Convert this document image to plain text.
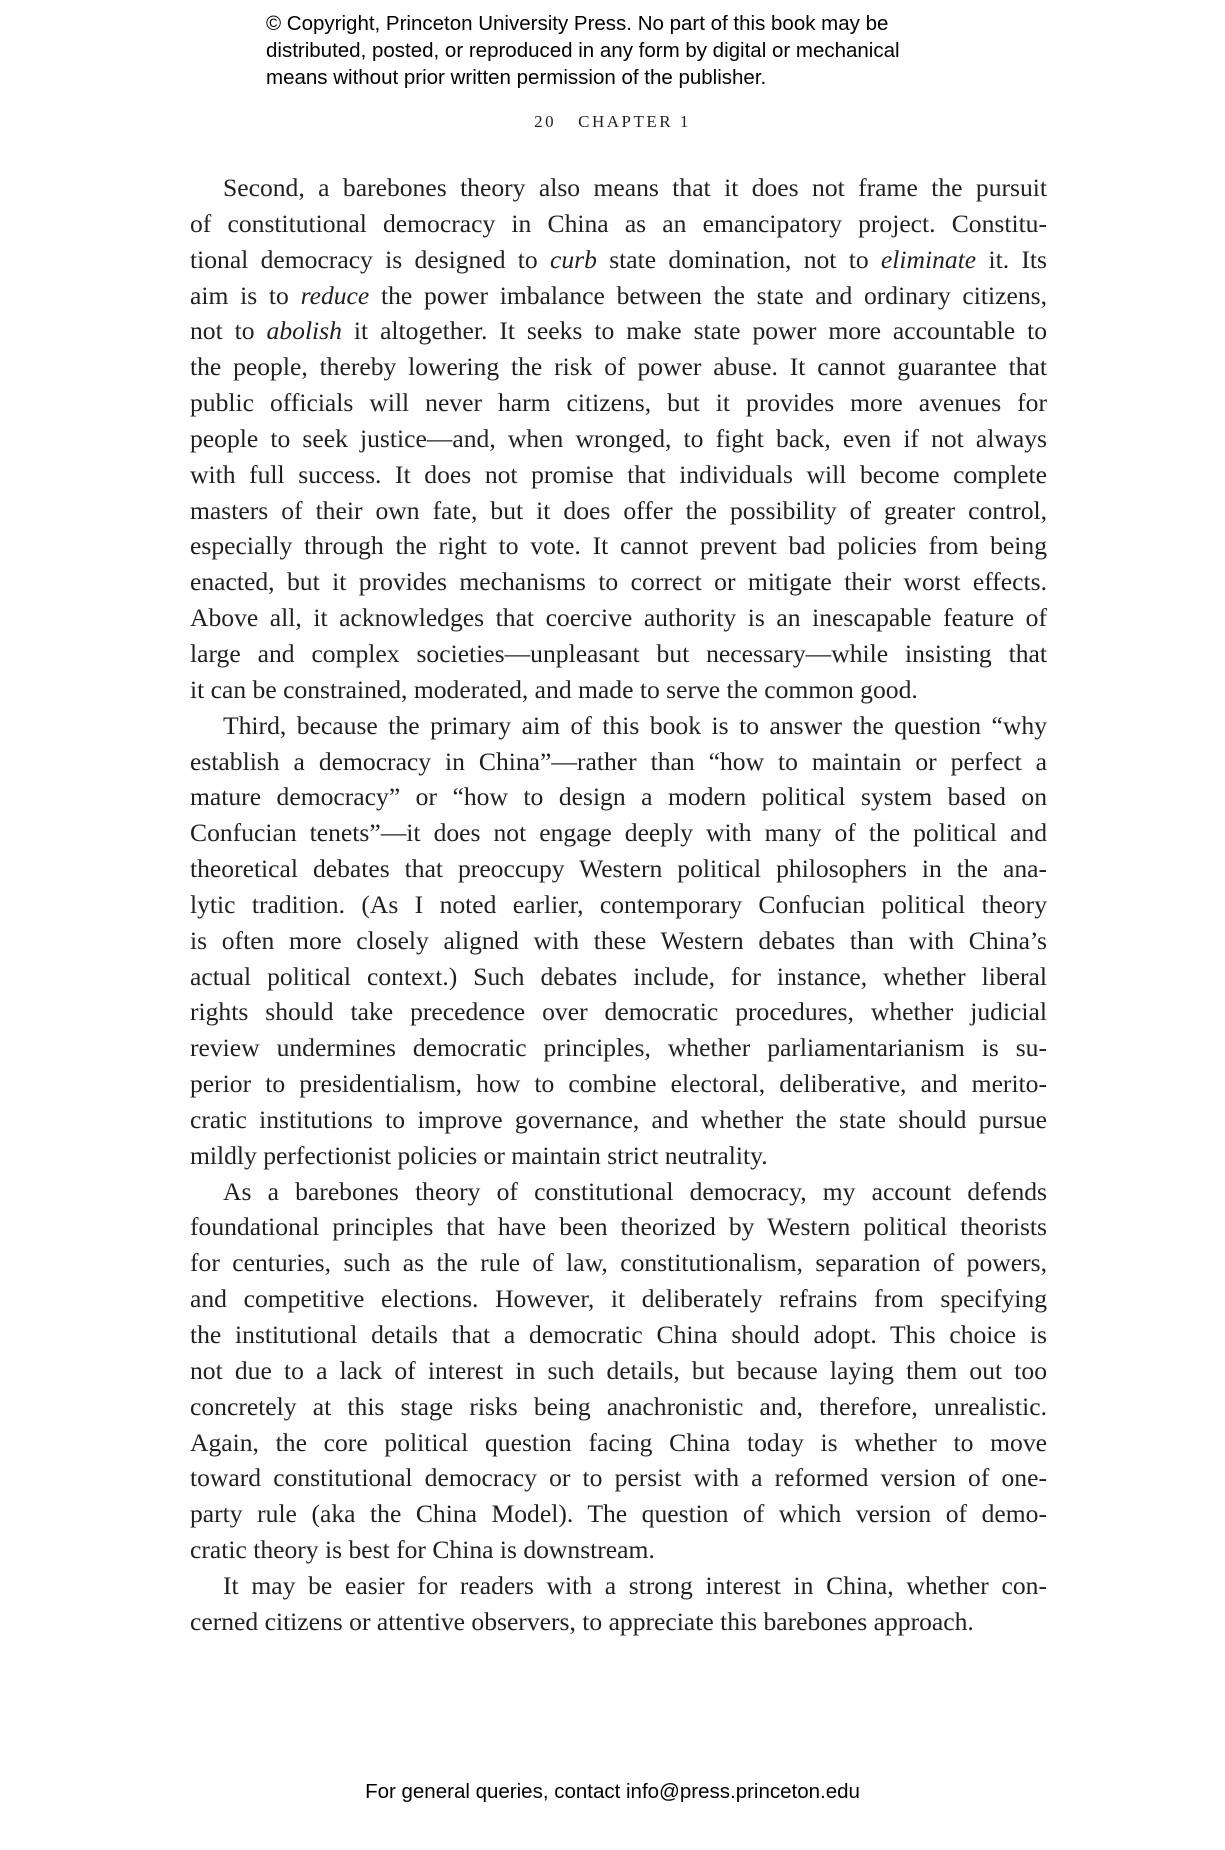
© Copyright, Princeton University Press. No part of this book may be
distributed, posted, or reproduced in any form by digital or mechanical
means without prior written permission of the publisher.
20 CHAPTER 1
Second, a barebones theory also means that it does not frame the pursuit
of constitutional democracy in China as an emancipatory project. Constitu-
tional democracy is designed to curb state domination, not to eliminate it. Its
aim is to reduce the power imbalance between the state and ordinary citizens,
not to abolish it altogether. It seeks to make state power more accountable to
the people, thereby lowering the risk of power abuse. It cannot guarantee that
public officials will never harm citizens, but it provides more avenues for
people to seek justice—and, when wronged, to fight back, even if not always
with full success. It does not promise that individuals will become complete
masters of their own fate, but it does offer the possibility of greater control,
especially through the right to vote. It cannot prevent bad policies from being
enacted, but it provides mechanisms to correct or mitigate their worst effects.
Above all, it acknowledges that coercive authority is an inescapable feature of
large and complex societies—unpleasant but necessary—while insisting that
it can be constrained, moderated, and made to serve the common good.
Third, because the primary aim of this book is to answer the question “why
establish a democracy in China”—rather than “how to maintain or perfect a
mature democracy” or “how to design a modern political system based on
Confucian tenets”—it does not engage deeply with many of the political and
theoretical debates that preoccupy Western political philosophers in the ana-
lytic tradition. (As I noted earlier, contemporary Confucian political theory
is often more closely aligned with these Western debates than with China’s
actual political context.) Such debates include, for instance, whether liberal
rights should take precedence over democratic procedures, whether judicial
review undermines democratic principles, whether parliamentarianism is su-
perior to presidentialism, how to combine electoral, deliberative, and merito-
cratic institutions to improve governance, and whether the state should pursue
mildly perfectionist policies or maintain strict neutrality.
As a barebones theory of constitutional democracy, my account defends
foundational principles that have been theorized by Western political theorists
for centuries, such as the rule of law, constitutionalism, separation of powers,
and competitive elections. However, it deliberately refrains from specifying
the institutional details that a democratic China should adopt. This choice is
not due to a lack of interest in such details, but because laying them out too
concretely at this stage risks being anachronistic and, therefore, unrealistic.
Again, the core political question facing China today is whether to move
toward constitutional democracy or to persist with a reformed version of one-
party rule (aka the China Model). The question of which version of demo-
cratic theory is best for China is downstream.
It may be easier for readers with a strong interest in China, whether con-
cerned citizens or attentive observers, to appreciate this barebones approach.
For general queries, contact info@press.princeton.edu
